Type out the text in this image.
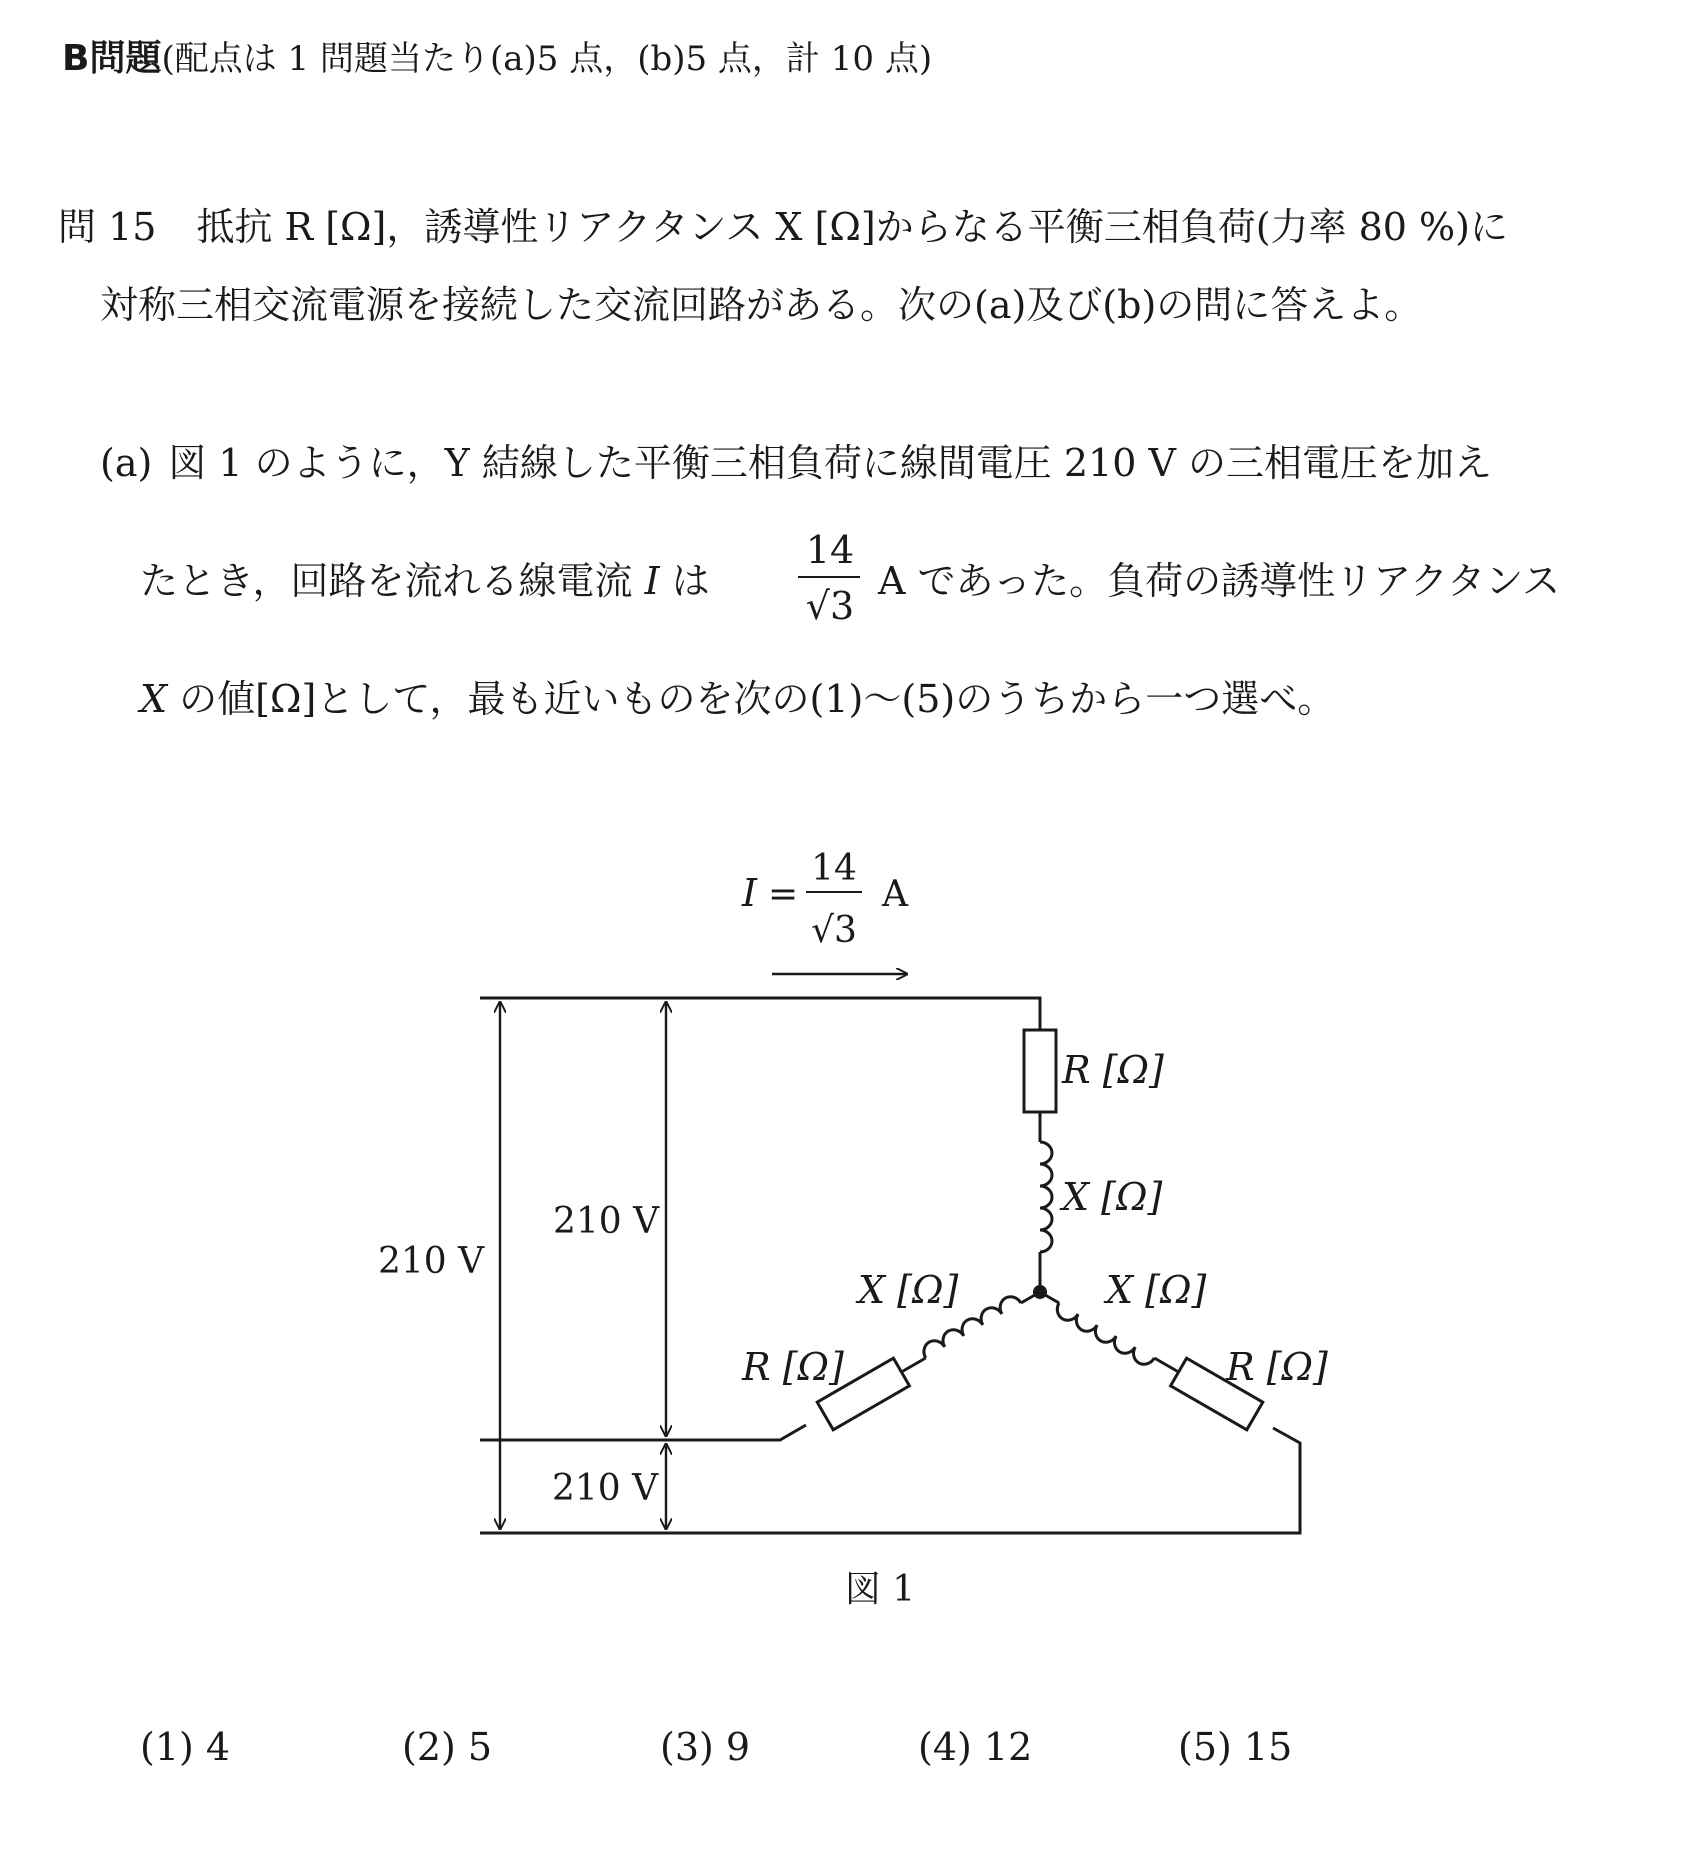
B問題(配点は 1 問題当たり(a)5 点，(b)5 点，計 10 点)
問 15 抵抗 R [Ω]，誘導性リアクタンス X [Ω]からなる平衡三相負荷(力率 80 %)に
対称三相交流電源を接続した交流回路がある。次の(a)及び(b)の問に答えよ。
(a) 図 1 のように，Y 結線した平衡三相負荷に線間電圧 210 V の三相電圧を加え
たとき，回路を流れる線電流 I は
14
√3
A であった。負荷の誘導性リアクタンス
X の値[Ω]として，最も近いものを次の(1)～(5)のうちから一つ選べ。
I =
14
√3
A
210 V
210 V
210 V
R [Ω]
X [Ω]
X [Ω]	X [Ω]
R [Ω]	R [Ω]
図 1
(1) 4	(2) 5	(3) 9	(4) 12	(5) 15
